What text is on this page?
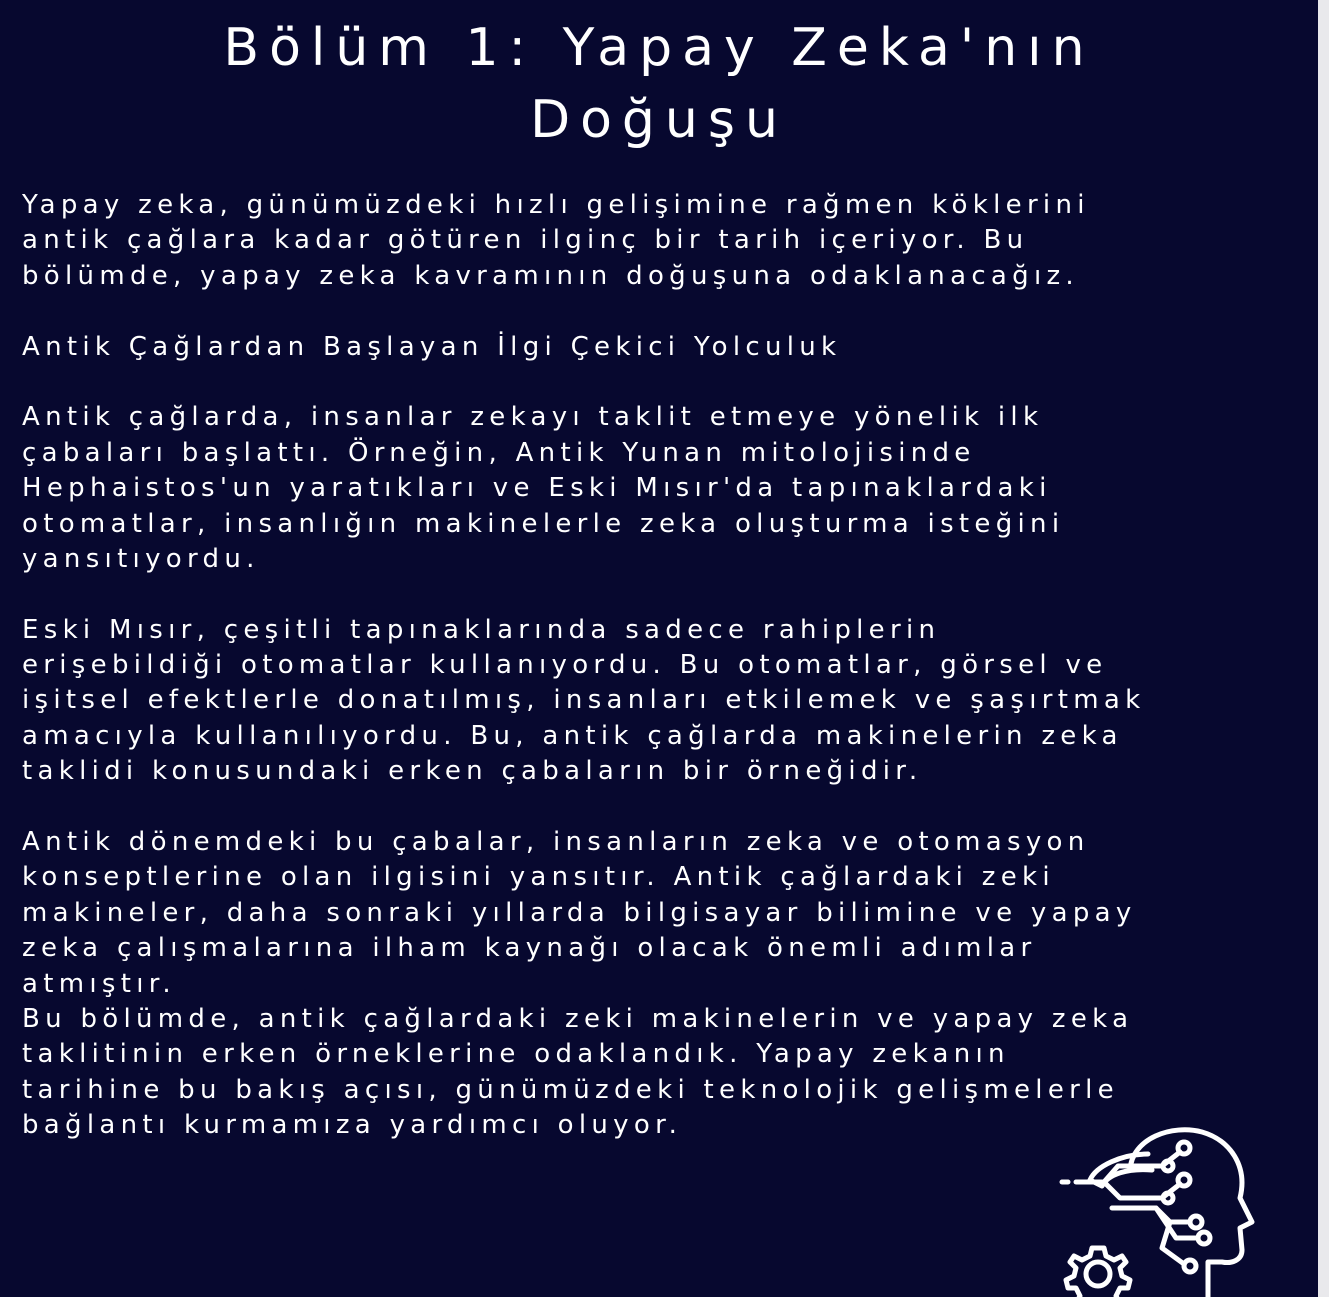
Bölüm 1: Yapay Zeka'nın
Doğuşu
Yapay zeka, günümüzdeki hızlı gelişimine rağmen köklerini
antik çağlara kadar götüren ilginç bir tarih içeriyor. Bu
bölümde, yapay zeka kavramının doğuşuna odaklanacağız.
Antik Çağlardan Başlayan İlgi Çekici Yolculuk
Antik çağlarda, insanlar zekayı taklit etmeye yönelik ilk
çabaları başlattı. Örneğin, Antik Yunan mitolojisinde
Hephaistos'un yaratıkları ve Eski Mısır'da tapınaklardaki
otomatlar, insanlığın makinelerle zeka oluşturma isteğini
yansıtıyordu.
Eski Mısır, çeşitli tapınaklarında sadece rahiplerin
erişebildiği otomatlar kullanıyordu. Bu otomatlar, görsel ve
işitsel efektlerle donatılmış, insanları etkilemek ve şaşırtmak
amacıyla kullanılıyordu. Bu, antik çağlarda makinelerin zeka
taklidi konusundaki erken çabaların bir örneğidir.
Antik dönemdeki bu çabalar, insanların zeka ve otomasyon
konseptlerine olan ilgisini yansıtır. Antik çağlardaki zeki
makineler, daha sonraki yıllarda bilgisayar bilimine ve yapay
zeka çalışmalarına ilham kaynağı olacak önemli adımlar
atmıştır.
Bu bölümde, antik çağlardaki zeki makinelerin ve yapay zeka
taklitinin erken örneklerine odaklandık. Yapay zekanın
tarihine bu bakış açısı, günümüzdeki teknolojik gelişmelerle
bağlantı kurmamıza yardımcı oluyor.
